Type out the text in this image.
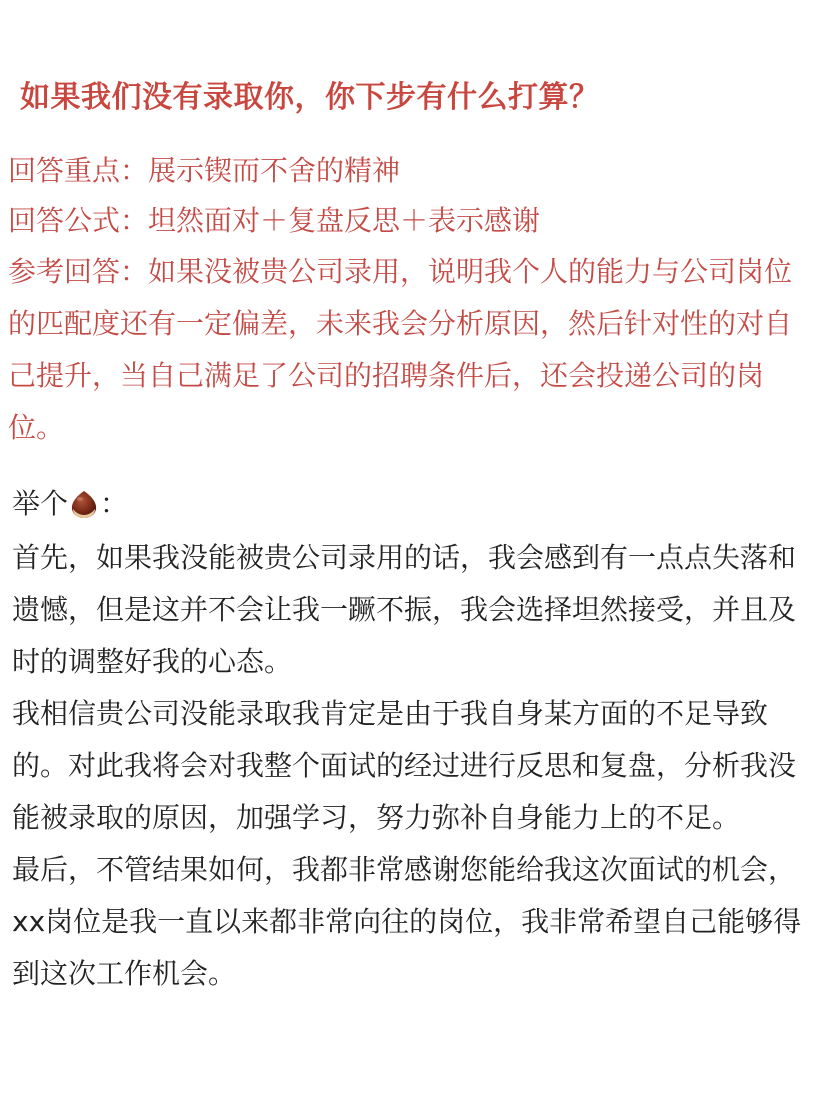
如果我们没有录取你，你下步有什么打算？
回答重点：展示锲而不舍的精神
回答公式：坦然面对＋复盘反思＋表示感谢
参考回答：如果没被贵公司录用，说明我个人的能力与公司岗位的匹配度还有一定偏差，未来我会分析原因，然后针对性的对自己提升，当自己满足了公司的招聘条件后，还会投递公司的岗位。
举个 ：

首先，如果我没能被贵公司录用的话，我会感到有一点点失落和遗憾，但是这并不会让我一蹶不振，我会选择坦然接受，并且及时的调整好我的心态。

我相信贵公司没能录取我肯定是由于我自身某方面的不足导致的。对此我将会对我整个面试的经过进行反思和复盘，分析我没能被录取的原因，加强学习，努力弥补自身能力上的不足。

最后，不管结果如何，我都非常感谢您能给我这次面试的机会，xx岗位是我一直以来都非常向往的岗位，我非常希望自己能够得到这次工作机会。
